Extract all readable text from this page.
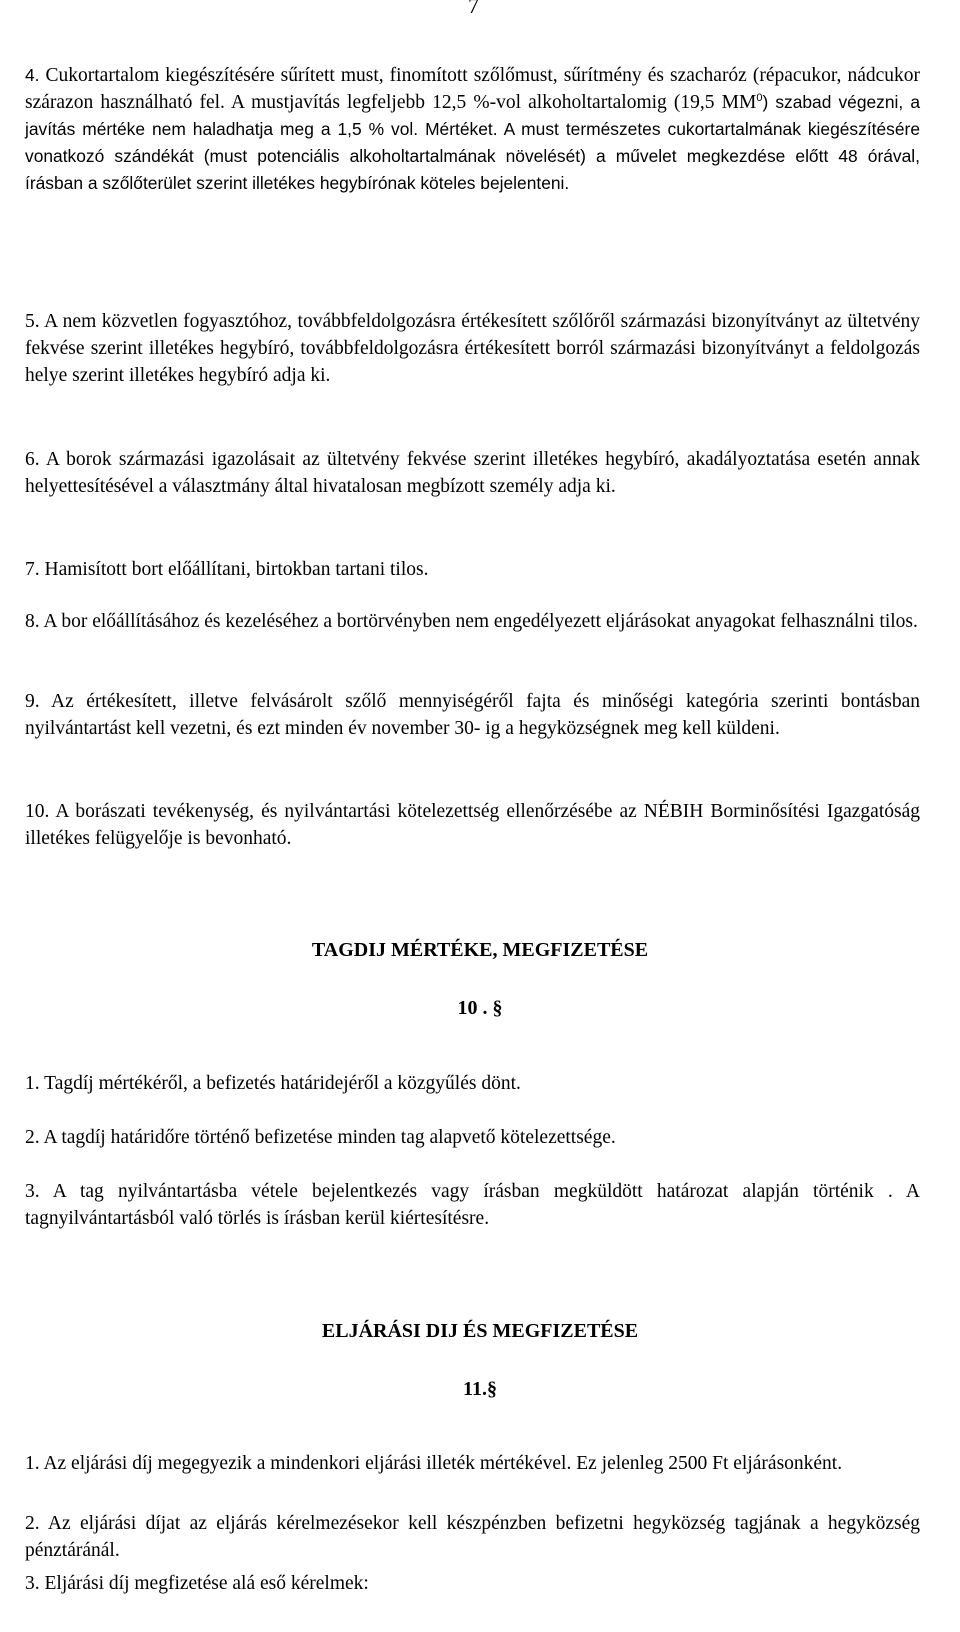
7
4. Cukortartalom kiegészítésére sűrített must, finomított szőlőmust, sűrítmény és szacharóz (répacukor, nádcukor szárazon használható fel. A mustjavítás legfeljebb 12,5 %-vol alkoholtartalomig (19,5 $MM^0$) szabad végezni, a javítás mértéke nem haladhatja meg a 1,5 % vol. Mértéket. A must természetes cukortartalmának kiegészítésére vonatkozó szándékát (must potenciális alkoholtartalmának növelését) a művelet megkezdése előtt 48 órával, írásban a szőlőterület szerint illetékes hegybírónak köteles bejelenteni.
5. A nem közvetlen fogyasztóhoz, továbbfeldolgozásra értékesített szőlőről származási bizonyítványt az ültetvény fekvése szerint illetékes hegybíró, továbbfeldolgozásra értékesített borról származási bizonyítványt a feldolgozás helye szerint illetékes hegybíró adja ki.
6. A borok származási igazolásait az ültetvény fekvése szerint illetékes hegybíró, akadályoztatása esetén annak helyettesítésével a választmány által hivatalosan megbízott személy adja ki.
7. Hamisított bort előállítani, birtokban tartani tilos.
8. A bor előállításához és kezeléséhez a bortörvényben nem engedélyezett eljárásokat anyagokat felhasználni tilos.
9. Az értékesített, illetve felvásárolt szőlő mennyiségéről fajta és minőségi kategória szerinti bontásban nyilvántartást kell vezetni, és ezt minden év november 30- ig a hegyközségnek meg kell küldeni.
10. A borászati tevékenység, és nyilvántartási kötelezettség ellenőrzésébe az NÉBIH Borminősítési Igazgatóság illetékes felügyelője is bevonható.
TAGDIJ MÉRTÉKE, MEGFIZETÉSE
10 . §
1. Tagdíj mértékéről, a befizetés határidejéről a közgyűlés dönt.
2. A tagdíj határidőre történő befizetése minden tag alapvető kötelezettsége.
3. A tag nyilvántartásba vétele bejelentkezés vagy írásban megküldött határozat alapján történik . A tagnyilvántartásból való törlés is írásban kerül kiértesítésre.
ELJÁRÁSI DIJ ÉS MEGFIZETÉSE
11.§
1. Az eljárási díj megegyezik a mindenkori eljárási illeték mértékével. Ez jelenleg 2500 Ft eljárásonként.
2. Az eljárási díjat az eljárás kérelmezésekor kell készpénzben befizetni hegyközség tagjának a hegyközség pénztáránál.
3. Eljárási díj megfizetése alá eső kérelmek:
